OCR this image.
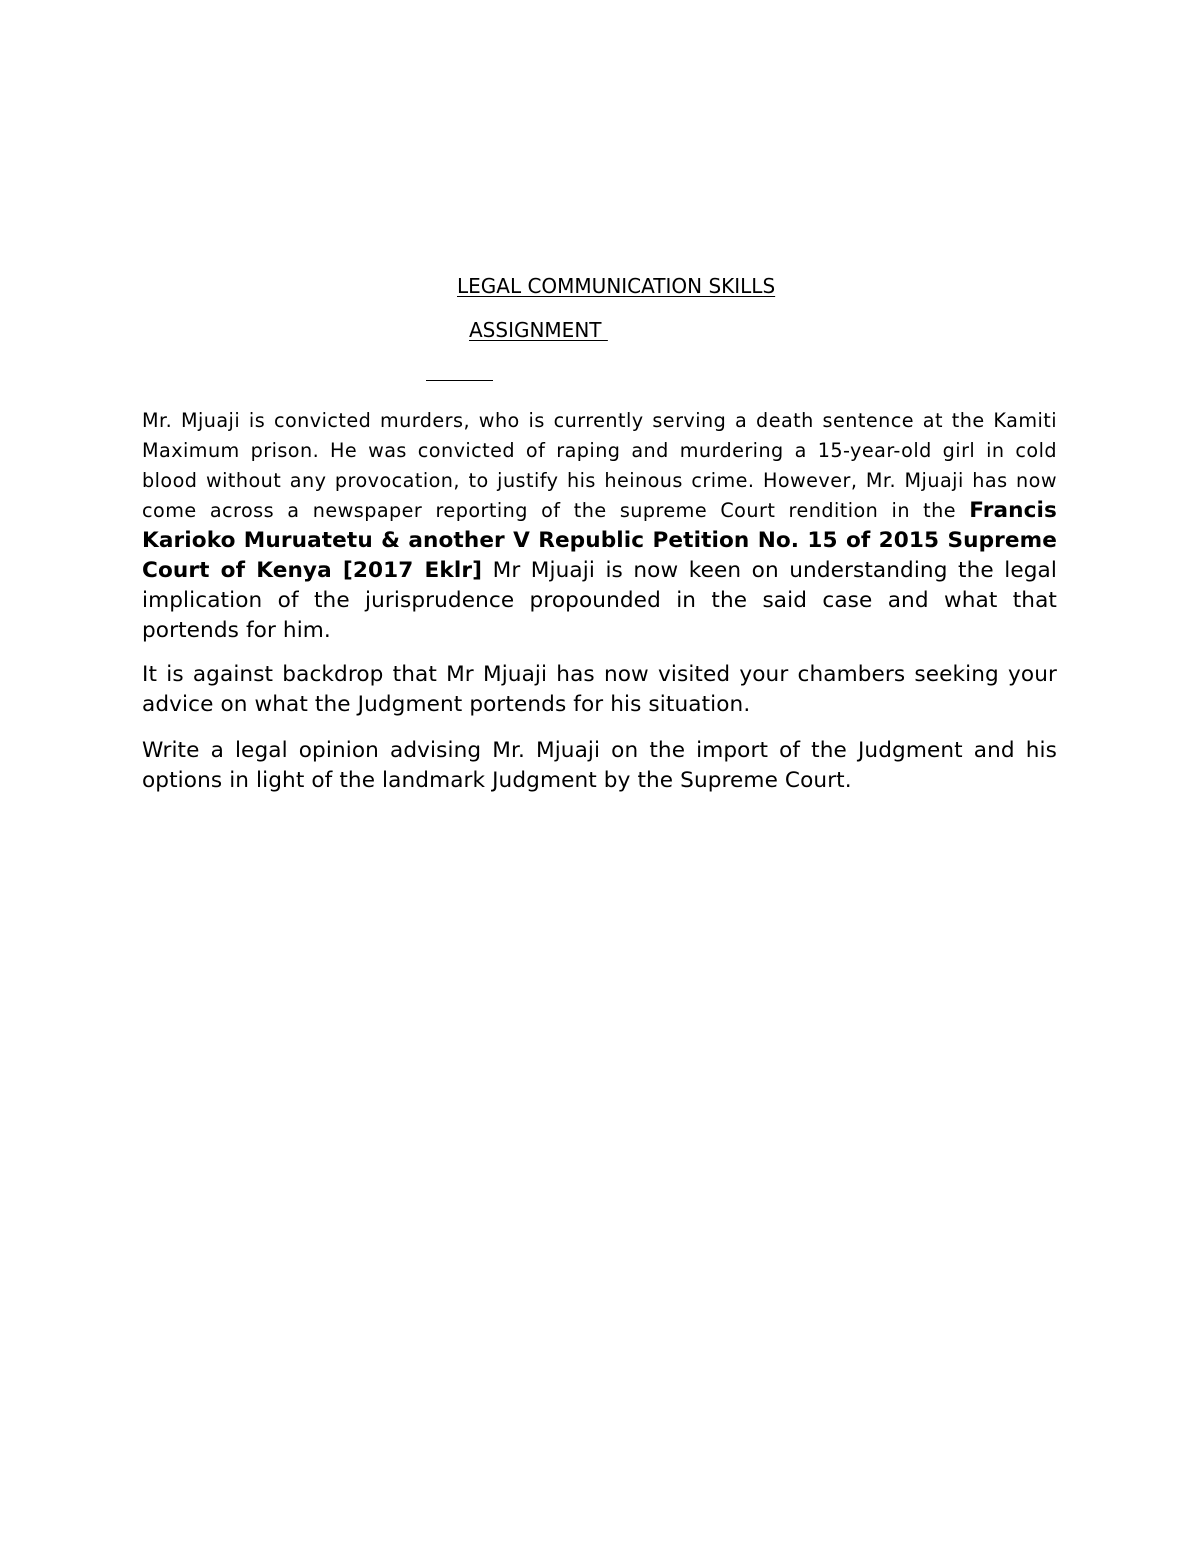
LEGAL COMMUNICATION SKILLS
ASSIGNMENT

Mr. Mjuaji is convicted murders, who is currently serving a death sentence at the Kamiti Maximum prison. He was convicted of raping and murdering a 15-year-old girl in cold blood without any provocation, to justify his heinous crime. However, Mr. Mjuaji has now come across a newspaper reporting of the supreme Court rendition in the Francis Karioko Muruatetu & another V Republic Petition No. 15 of 2015 Supreme Court of Kenya [2017 Eklr] Mr Mjuaji is now keen on understanding the legal implication of the jurisprudence propounded in the said case and what that portends for him.

It is against backdrop that Mr Mjuaji has now visited your chambers seeking your advice on what the Judgment portends for his situation.

Write a legal opinion advising Mr. Mjuaji on the import of the Judgment and his options in light of the landmark Judgment by the Supreme Court.
